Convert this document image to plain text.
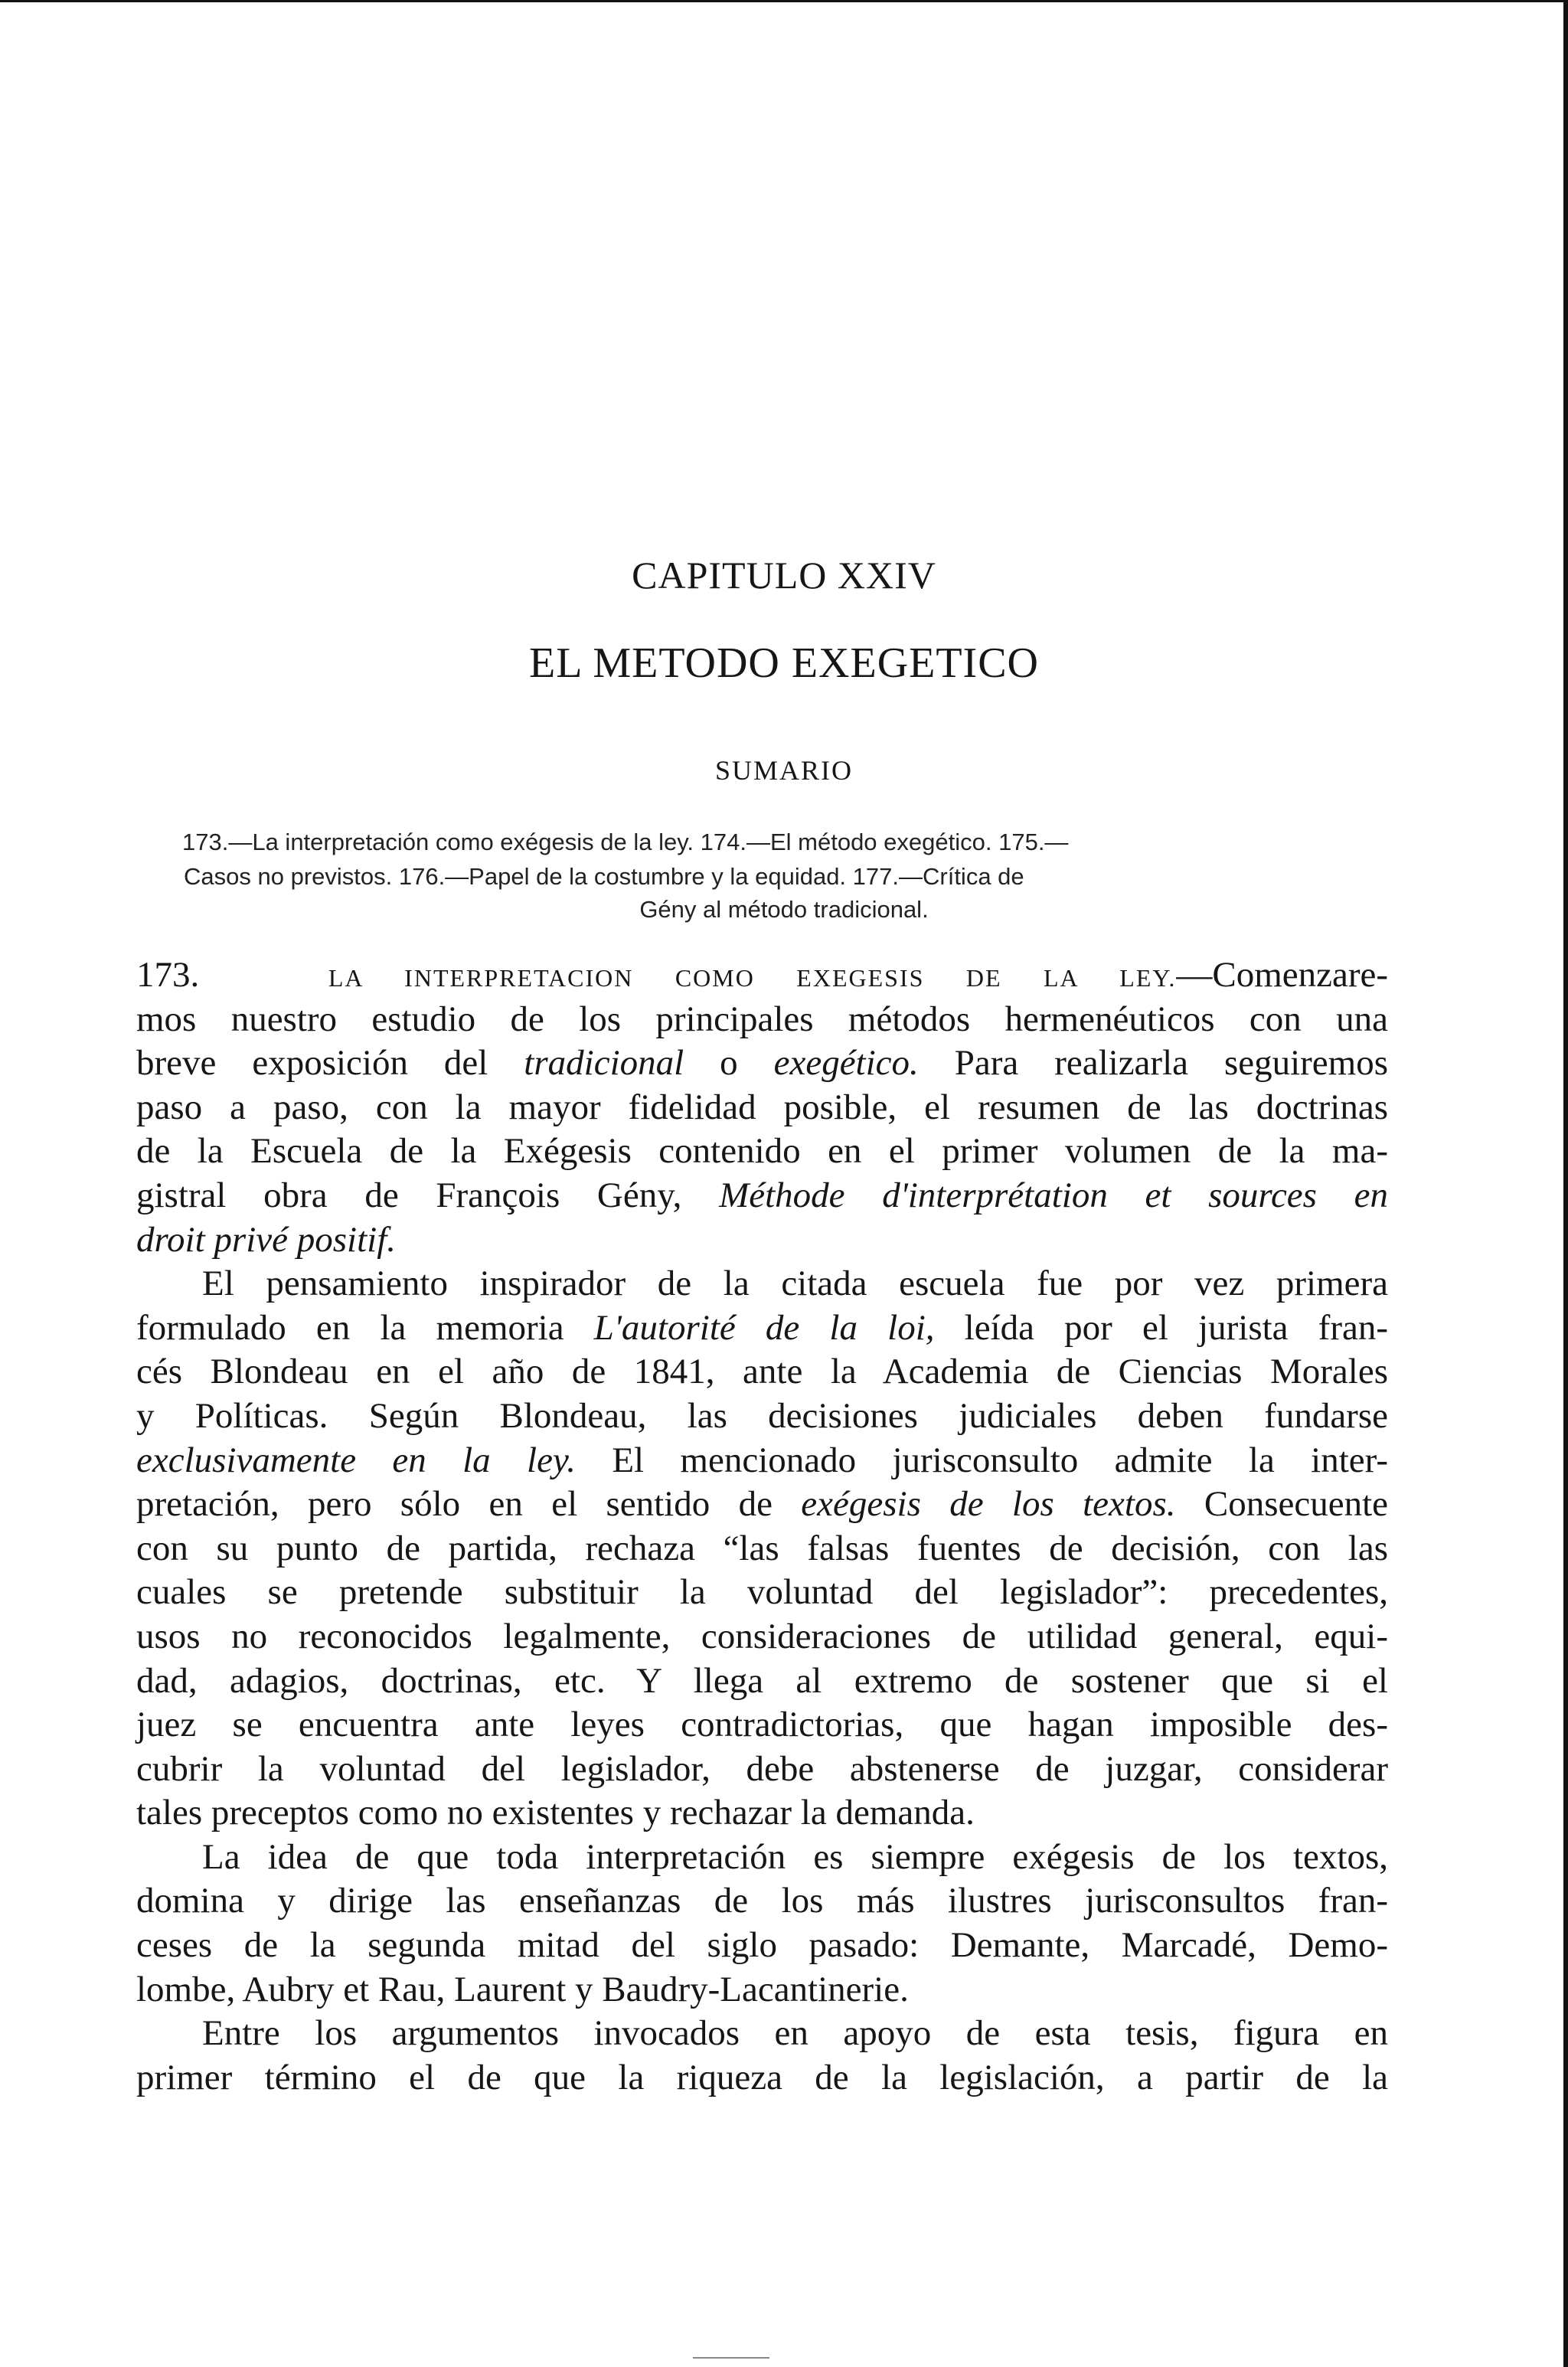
CAPITULO XXIV
EL METODO EXEGETICO
SUMARIO
173.—La interpretación como exégesis de la ley. 174.—El método exegético. 175.—
Casos no previstos. 176.—Papel de la costumbre y la equidad. 177.—Crítica de
Gény al método tradicional.
173.	LA INTERPRETACION COMO EXEGESIS DE LA LEY.—Comenzare-
mos nuestro estudio de los principales métodos hermenéuticos con una
breve exposición del tradicional o exegético. Para realizarla seguiremos
paso a paso, con la mayor fidelidad posible, el resumen de las doctrinas
de la Escuela de la Exégesis contenido en el primer volumen de la ma-
gistral obra de François Gény, Méthode d'interprétation et sources en
droit privé positif.
El pensamiento inspirador de la citada escuela fue por vez primera
formulado en la memoria L'autorité de la loi, leída por el jurista fran-
cés Blondeau en el año de 1841, ante la Academia de Ciencias Morales
y Políticas. Según Blondeau, las decisiones judiciales deben fundarse
exclusivamente en la ley. El mencionado jurisconsulto admite la inter-
pretación, pero sólo en el sentido de exégesis de los textos. Consecuente
con su punto de partida, rechaza “las falsas fuentes de decisión, con las
cuales se pretende substituir la voluntad del legislador”: precedentes,
usos no reconocidos legalmente, consideraciones de utilidad general, equi-
dad, adagios, doctrinas, etc. Y llega al extremo de sostener que si el
juez se encuentra ante leyes contradictorias, que hagan imposible des-
cubrir la voluntad del legislador, debe abstenerse de juzgar, considerar
tales preceptos como no existentes y rechazar la demanda.
La idea de que toda interpretación es siempre exégesis de los textos,
domina y dirige las enseñanzas de los más ilustres jurisconsultos fran-
ceses de la segunda mitad del siglo pasado: Demante, Marcadé, Demo-
lombe, Aubry et Rau, Laurent y Baudry-Lacantinerie.
Entre los argumentos invocados en apoyo de esta tesis, figura en
primer término el de que la riqueza de la legislación, a partir de la
